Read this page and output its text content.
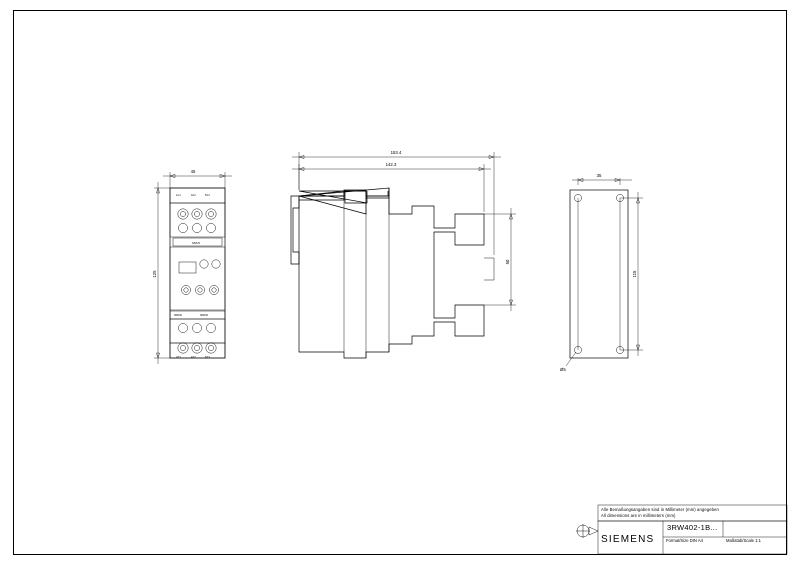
1/L1	3/L2	5/L3
2/T1	4/T2	6/T3
SIRIUS
3RW40	3RW40
45
125
153.4
142.3
50
35
115
Ø5
Alle Bemaßungsangaben sind in Millimeter (mm) angegeben
All dimensions are in millimeters (mm)
SIEMENS
3RW402-1B...
Format/Size DIN A4	Maßstab/Scale 1:1
